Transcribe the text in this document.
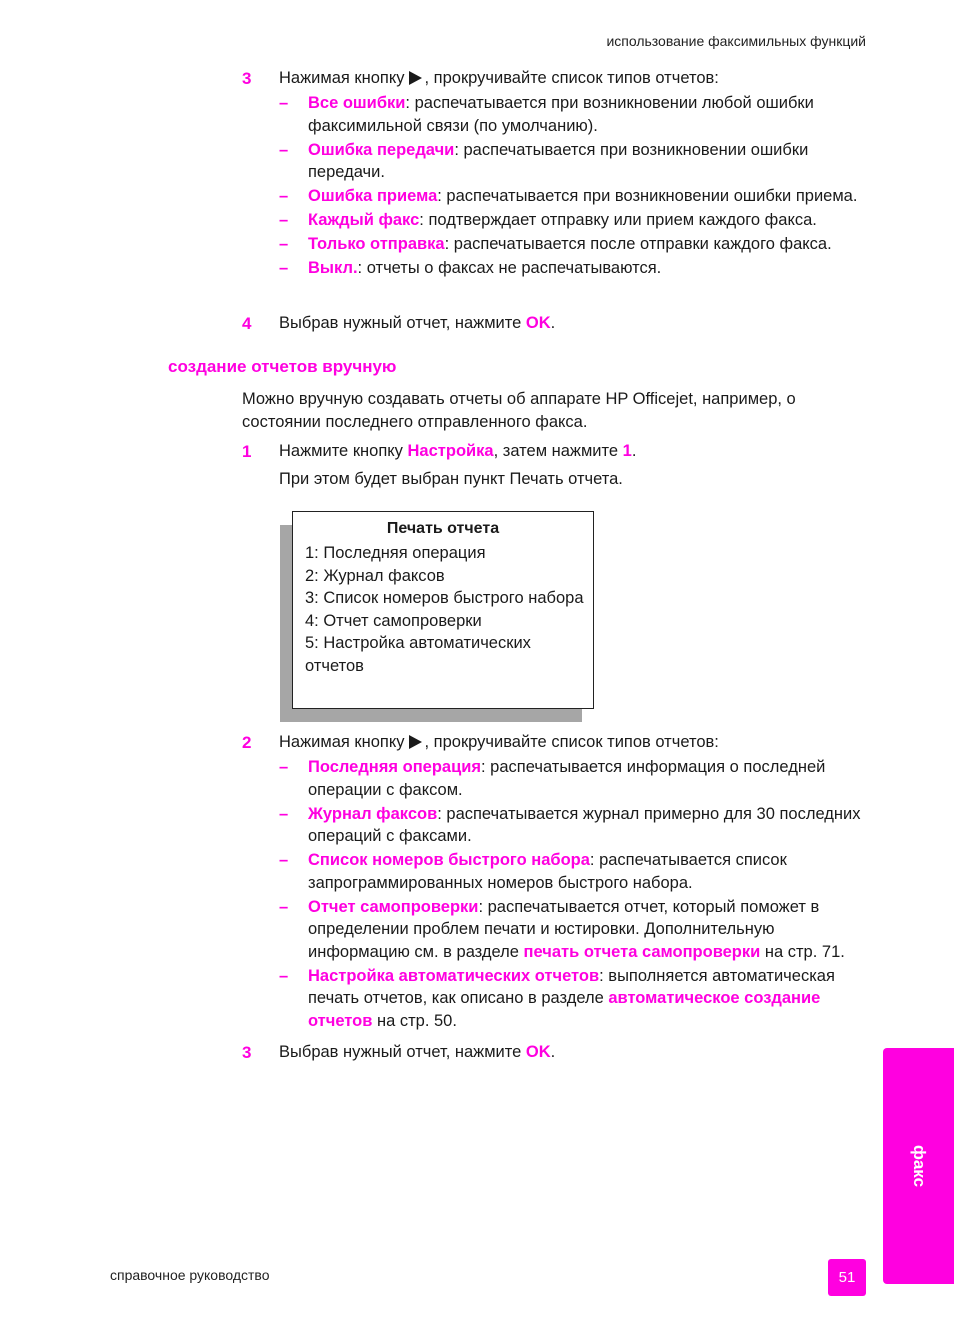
использование факсимильных функций
3 Нажимая кнопку , прокручивайте список типов отчетов:
– Все ошибки: распечатывается при возникновении любой ошибки факсимильной связи (по умолчанию).
– Ошибка передачи: распечатывается при возникновении ошибки передачи.
– Ошибка приема: распечатывается при возникновении ошибки приема.
– Каждый факс: подтверждает отправку или прием каждого факса.
– Только отправка: распечатывается после отправки каждого факса.
– Выкл.: отчеты о факсах не распечатываются.
4 Выбрав нужный отчет, нажмите OK.
создание отчетов вручную
Можно вручную создавать отчеты об аппарате HP Officejet, например, о состоянии последнего отправленного факса.
1 Нажмите кнопку Настройка, затем нажмите 1.
При этом будет выбран пункт Печать отчета.
Печать отчета
1: Последняя операция
2: Журнал факсов
3: Список номеров быстрого набора
4: Отчет самопроверки
5: Настройка автоматических отчетов
2 Нажимая кнопку , прокручивайте список типов отчетов:
– Последняя операция: распечатывается информация о последней операции с факсом.
– Журнал факсов: распечатывается журнал примерно для 30 последних операций с факсами.
– Список номеров быстрого набора: распечатывается список запрограммированных номеров быстрого набора.
– Отчет самопроверки: распечатывается отчет, который поможет в определении проблем печати и юстировки. Дополнительную информацию см. в разделе печать отчета самопроверки на стр. 71.
– Настройка автоматических отчетов: выполняется автоматическая печать отчетов, как описано в разделе автоматическое создание отчетов на стр. 50.
3 Выбрав нужный отчет, нажмите OK.
факс
справочное руководство	51
